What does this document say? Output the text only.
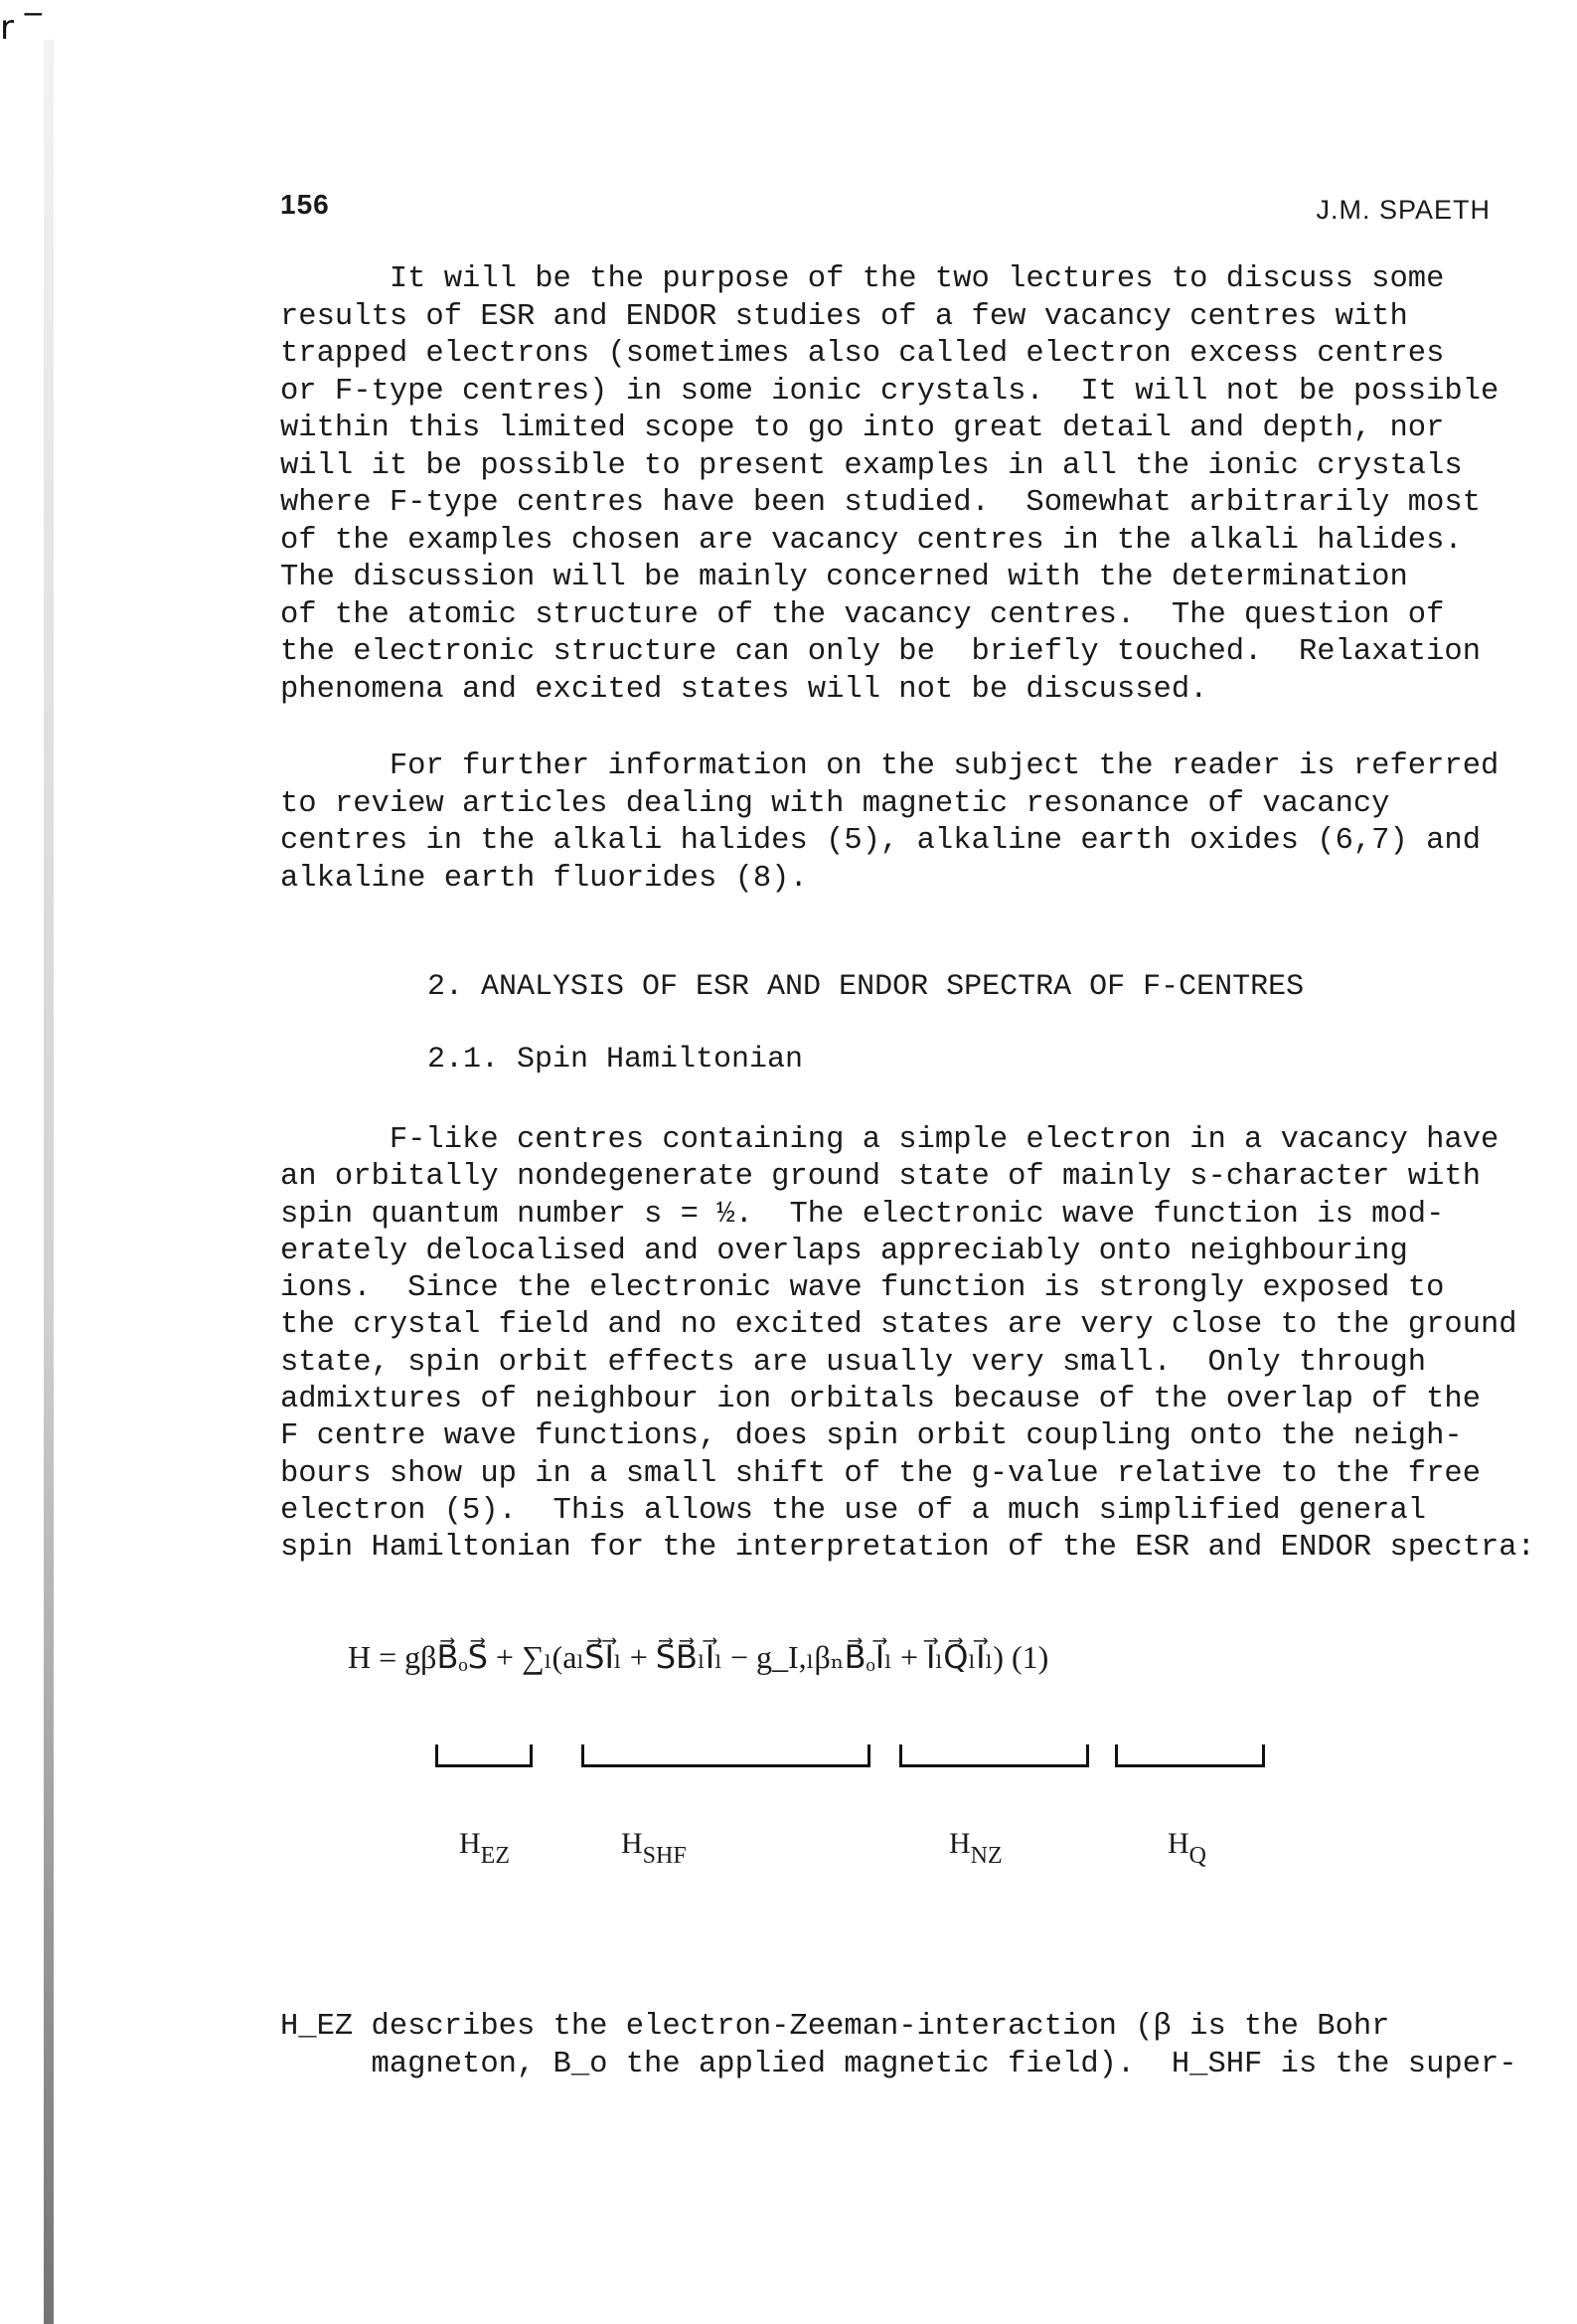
r ‾
156	J.M. SPAETH
It will be the purpose of the two lectures to discuss some
results of ESR and ENDOR studies of a few vacancy centres with
trapped electrons (sometimes also called electron excess centres
or F-type centres) in some ionic crystals.  It will not be possible
within this limited scope to go into great detail and depth, nor
will it be possible to present examples in all the ionic crystals
where F-type centres have been studied.  Somewhat arbitrarily most
of the examples chosen are vacancy centres in the alkali halides.
The discussion will be mainly concerned with the determination
of the atomic structure of the vacancy centres.  The question of
the electronic structure can only be  briefly touched.  Relaxation
phenomena and excited states will not be discussed.
For further information on the subject the reader is referred
to review articles dealing with magnetic resonance of vacancy
centres in the alkali halides (5), alkaline earth oxides (6,7) and
alkaline earth fluorides (8).
2. ANALYSIS OF ESR AND ENDOR SPECTRA OF F-CENTRES
2.1. Spin Hamiltonian
F-like centres containing a simple electron in a vacancy have
an orbitally nondegenerate ground state of mainly s-character with
spin quantum number s = ½.  The electronic wave function is mod-
erately delocalised and overlaps appreciably onto neighbouring
ions.  Since the electronic wave function is strongly exposed to
the crystal field and no excited states are very close to the ground
state, spin orbit effects are usually very small.  Only through
admixtures of neighbour ion orbitals because of the overlap of the
F centre wave functions, does spin orbit coupling onto the neigh-
bours show up in a small shift of the g-value relative to the free
electron (5).  This allows the use of a much simplified general
spin Hamiltonian for the interpretation of the ESR and ENDOR spectra:
H = gβB⃗ₒS⃗ + ∑ₗ(aₗS⃗I⃗ₗ + S⃗B⃗ₗI⃗ₗ − g_I,ₗβₙB⃗ₒI⃗ₗ + I⃗ₗQ⃗ₗI⃗ₗ) (1)
$H_{EZ}$	$H_{SHF}$	$H_{NZ}$	$H_Q$
H_EZ describes the electron-Zeeman-interaction (β is the Bohr
magneton, B_o the applied magnetic field).  H_SHF is the super-
